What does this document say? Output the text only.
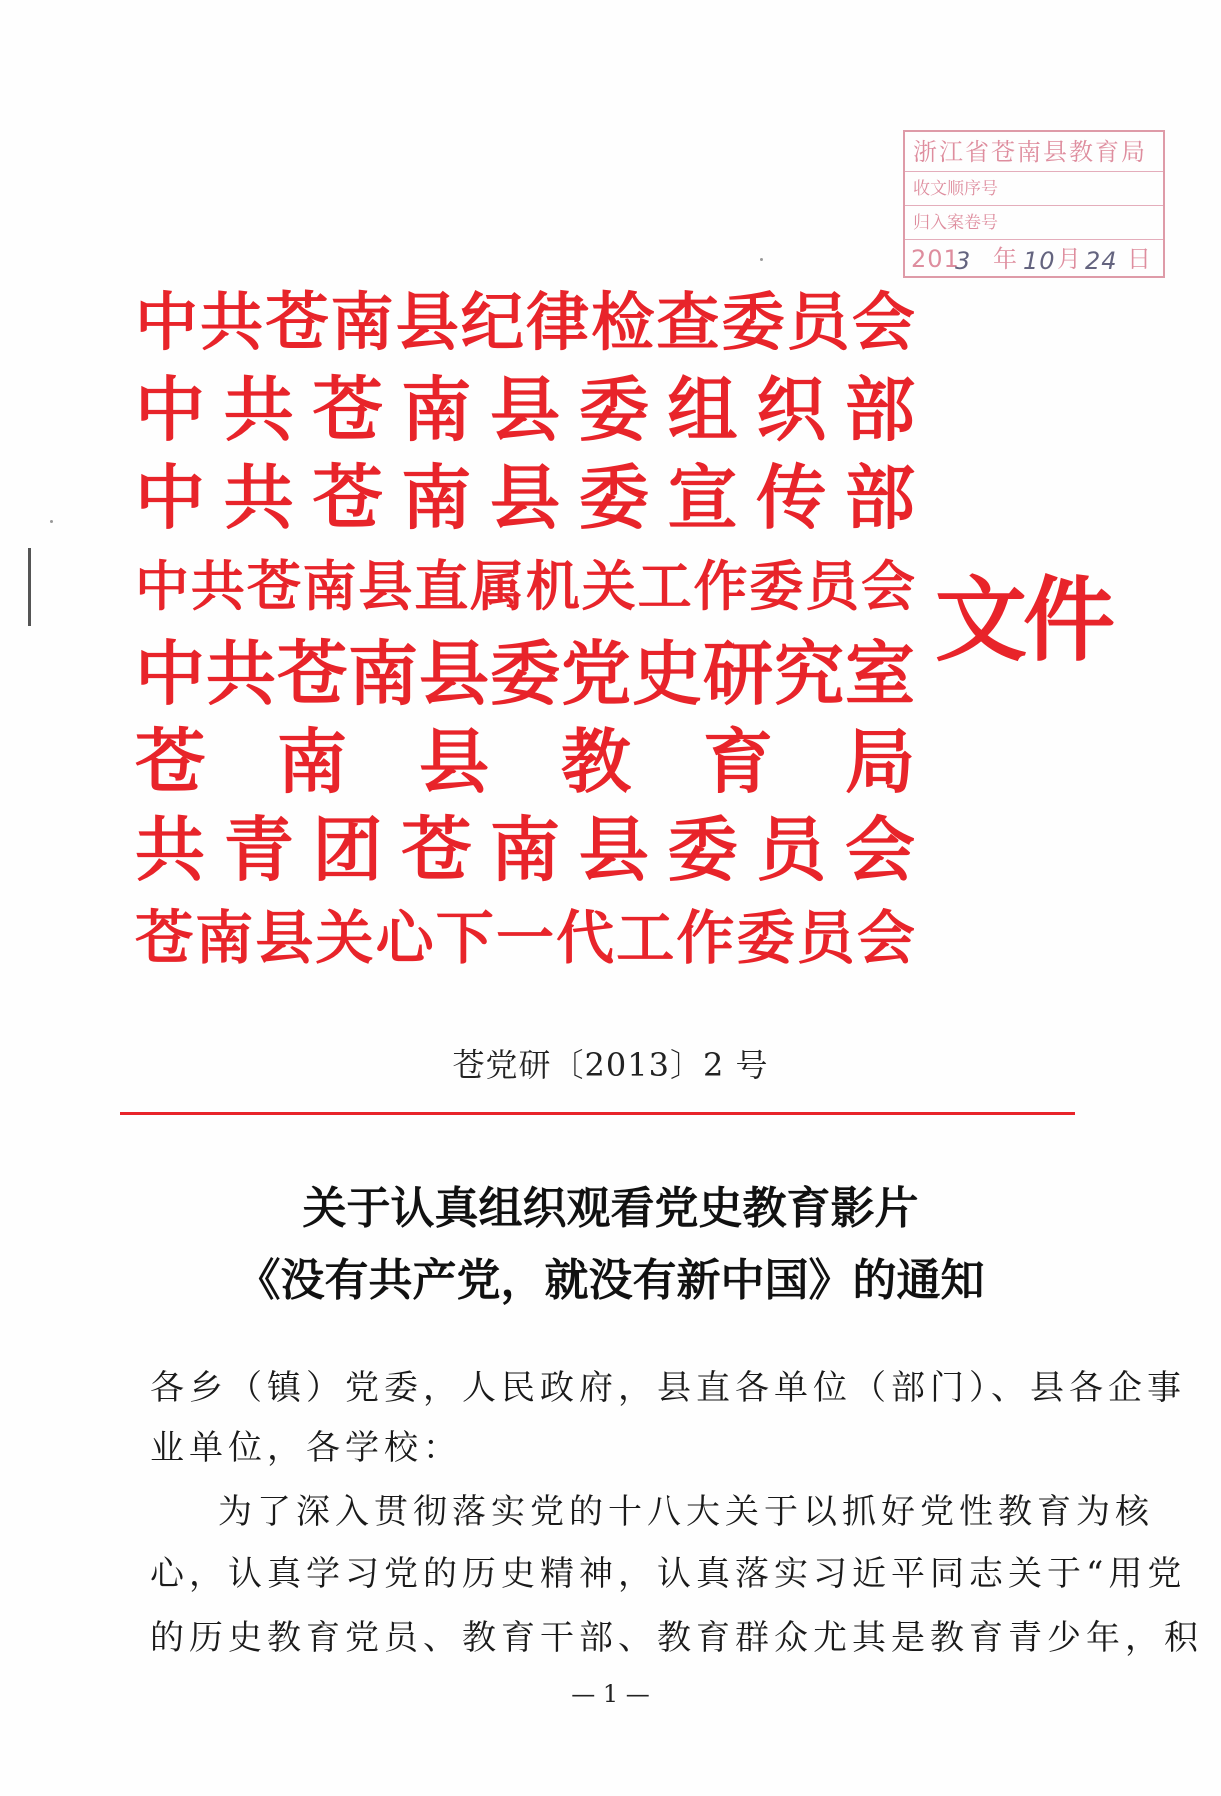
浙江省苍南县教育局
收文顺序号
归入案卷号
201
3 年 10 月 24 日
中 共 苍 南 县 纪 律 检 查 委 员 会
中 共 苍 南 县 委 组 织 部
中 共 苍 南 县 委 宣 传 部
中 共 苍 南 县 直 属 机 关 工 作 委 员 会
中 共 苍 南 县 委 党 史 研 究 室
苍 南 县 教 育 局
共 青 团 苍 南 县 委 员 会
苍 南 县 关 心 下 一 代 工 作 委 员 会
文件
苍党研〔2013〕2 号
关于认真组织观看党史教育影片
《没有共产党，就没有新中国》的通知
各乡（镇）党委，人民政府，县直各单位（部门）、县各企事
业单位，各学校：
为了深入贯彻落实党的十八大关于以抓好党性教育为核
心，认真学习党的历史精神，认真落实习近平同志关于“用党
的历史教育党员、教育干部、教育群众尤其是教育青少年，积
— 1 —
